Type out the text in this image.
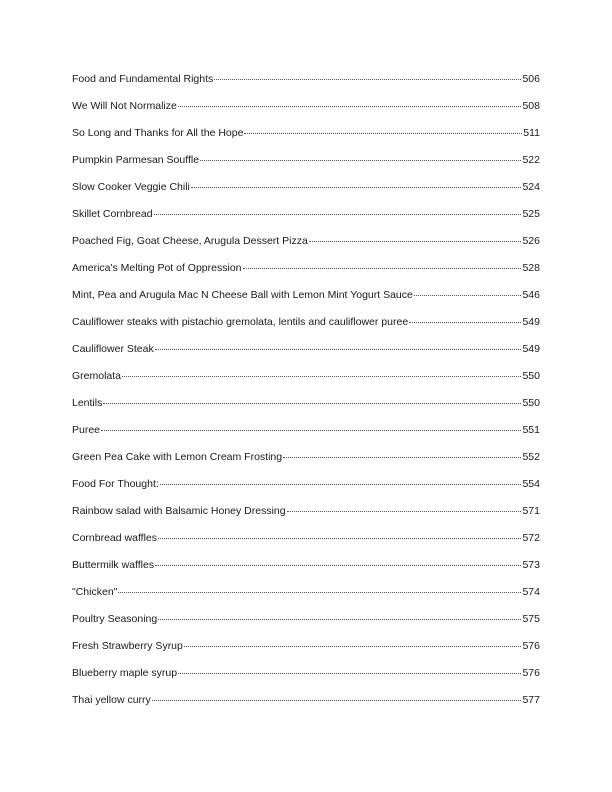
Food and Fundamental Rights	506
We Will Not Normalize	508
So Long and Thanks for All the Hope	511
Pumpkin Parmesan Souffle	522
Slow Cooker Veggie Chili	524
Skillet Cornbread	525
Poached Fig, Goat Cheese, Arugula Dessert Pizza	526
America's Melting Pot of Oppression	528
Mint, Pea and Arugula Mac N Cheese Ball with Lemon Mint Yogurt Sauce	546
Cauliflower steaks with pistachio gremolata, lentils and cauliflower puree	549
Cauliflower Steak	549
Gremolata	550
Lentils	550
Puree	551
Green Pea Cake with Lemon Cream Frosting	552
Food For Thought:	554
Rainbow salad with Balsamic Honey Dressing	571
Cornbread waffles	572
Buttermilk waffles	573
"Chicken"	574
Poultry Seasoning	575
Fresh Strawberry Syrup	576
Blueberry maple syrup	576
Thai yellow curry	577
